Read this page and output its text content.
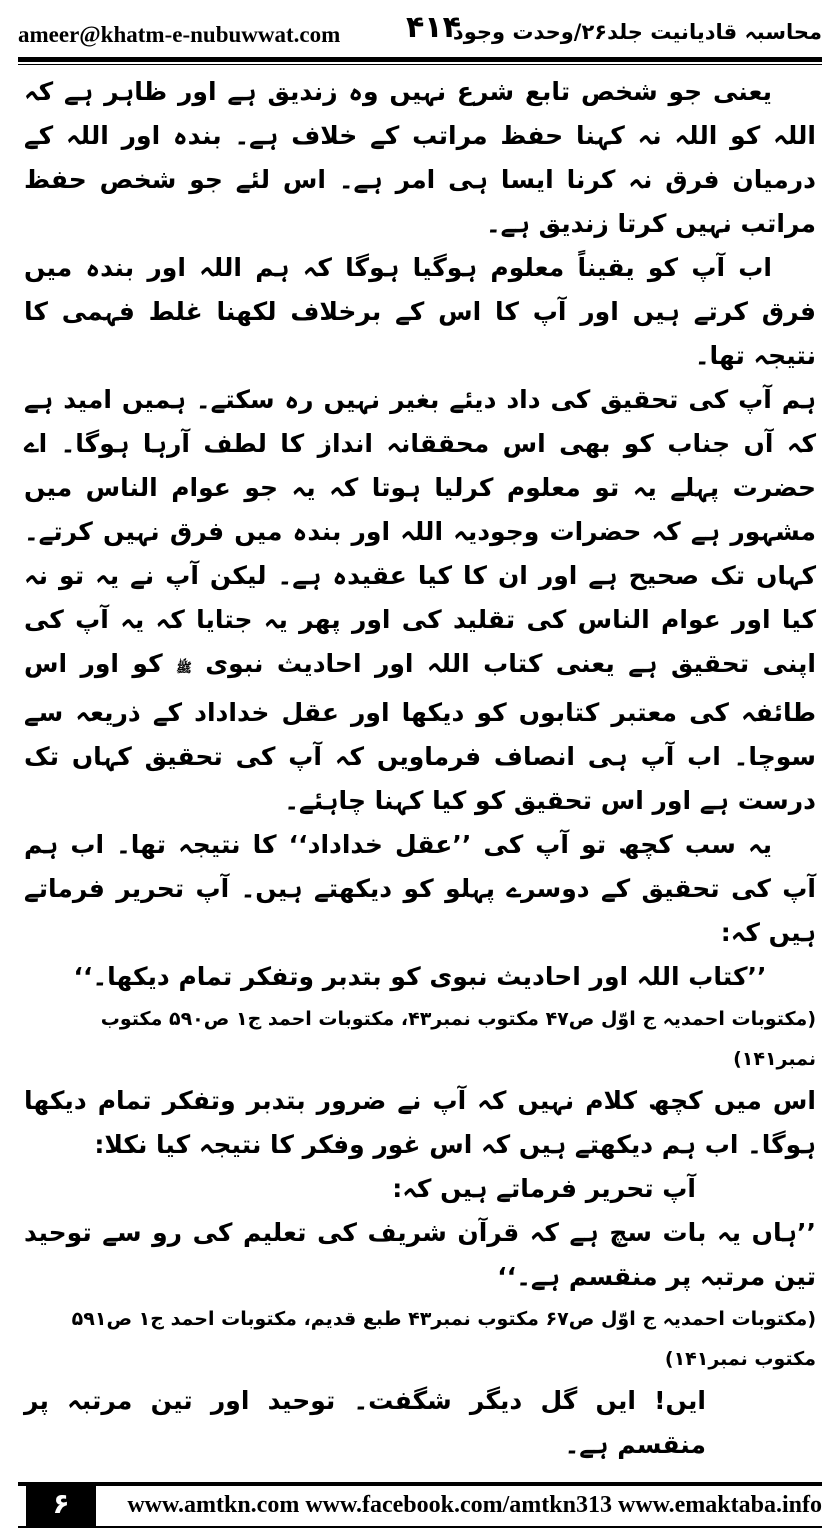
ameer@khatm-e-nubuwwat.com ۴۱۴
محاسبہ قادیانیت جلد۲۶/وحدت وجود

یعنی جو شخص تابع شرع نہیں وہ زندیق ہے اور ظاہر ہے کہ اللہ کو اللہ نہ کہنا حفظ مراتب کے خلاف ہے۔ بندہ اور اللہ کے درمیان فرق نہ کرنا ایسا ہی امر ہے۔ اس لئے جو شخص حفظ مراتب نہیں کرتا زندیق ہے۔

اب آپ کو یقیناً معلوم ہوگیا ہوگا کہ ہم اللہ اور بندہ میں فرق کرتے ہیں اور آپ کا اس کے برخلاف لکھنا غلط فہمی کا نتیجہ تھا۔

ہم آپ کی تحقیق کی داد دیئے بغیر نہیں رہ سکتے۔ ہمیں امید ہے کہ آں جناب کو بھی اس محققانہ انداز کا لطف آرہا ہوگا۔ اے حضرت پہلے یہ تو معلوم کرلیا ہوتا کہ یہ جو عوام الناس میں مشہور ہے کہ حضرات وجودیہ اللہ اور بندہ میں فرق نہیں کرتے۔ کہاں تک صحیح ہے اور ان کا کیا عقیدہ ہے۔ لیکن آپ نے یہ تو نہ کیا اور عوام الناس کی تقلید کی اور پھر یہ جتایا کہ یہ آپ کی اپنی تحقیق ہے یعنی کتاب اللہ اور احادیث نبوی ﷺ کو اور اس طائفہ کی معتبر کتابوں کو دیکھا اور عقل خداداد کے ذریعہ سے سوچا۔ اب آپ ہی انصاف فرماویں کہ آپ کی تحقیق کہاں تک درست ہے اور اس تحقیق کو کیا کہنا چاہئے۔

یہ سب کچھ تو آپ کی ’’عقل خداداد‘‘ کا نتیجہ تھا۔ اب ہم آپ کی تحقیق کے دوسرے پہلو کو دیکھتے ہیں۔ آپ تحریر فرماتے ہیں کہ:

’’کتاب اللہ اور احادیث نبوی کو بتدبر وتفکر تمام دیکھا۔‘‘

(مکتوبات احمدیہ ج اوّل ص۴۷ مکتوب نمبر۴۳، مکتوبات احمد ج۱ ص۵۹۰ مکتوب نمبر۱۴۱)

اس میں کچھ کلام نہیں کہ آپ نے ضرور بتدبر وتفکر تمام دیکھا ہوگا۔ اب ہم دیکھتے ہیں کہ اس غور وفکر کا نتیجہ کیا نکلا:

آپ تحریر فرماتے ہیں کہ:

’’ہاں یہ بات سچ ہے کہ قرآن شریف کی تعلیم کی رو سے توحید تین مرتبہ پر منقسم ہے۔‘‘

(مکتوبات احمدیہ ج اوّل ص۶۷ مکتوب نمبر۴۳ طبع قدیم، مکتوبات احمد ج۱ ص۵۹۱ مکتوب نمبر۱۴۱)

ایں! ایں گل دیگر شگفت۔ توحید اور تین مرتبہ پر منقسم ہے۔

۶	www.amtkn.com www.facebook.com/amtkn313 www.emaktaba.info
